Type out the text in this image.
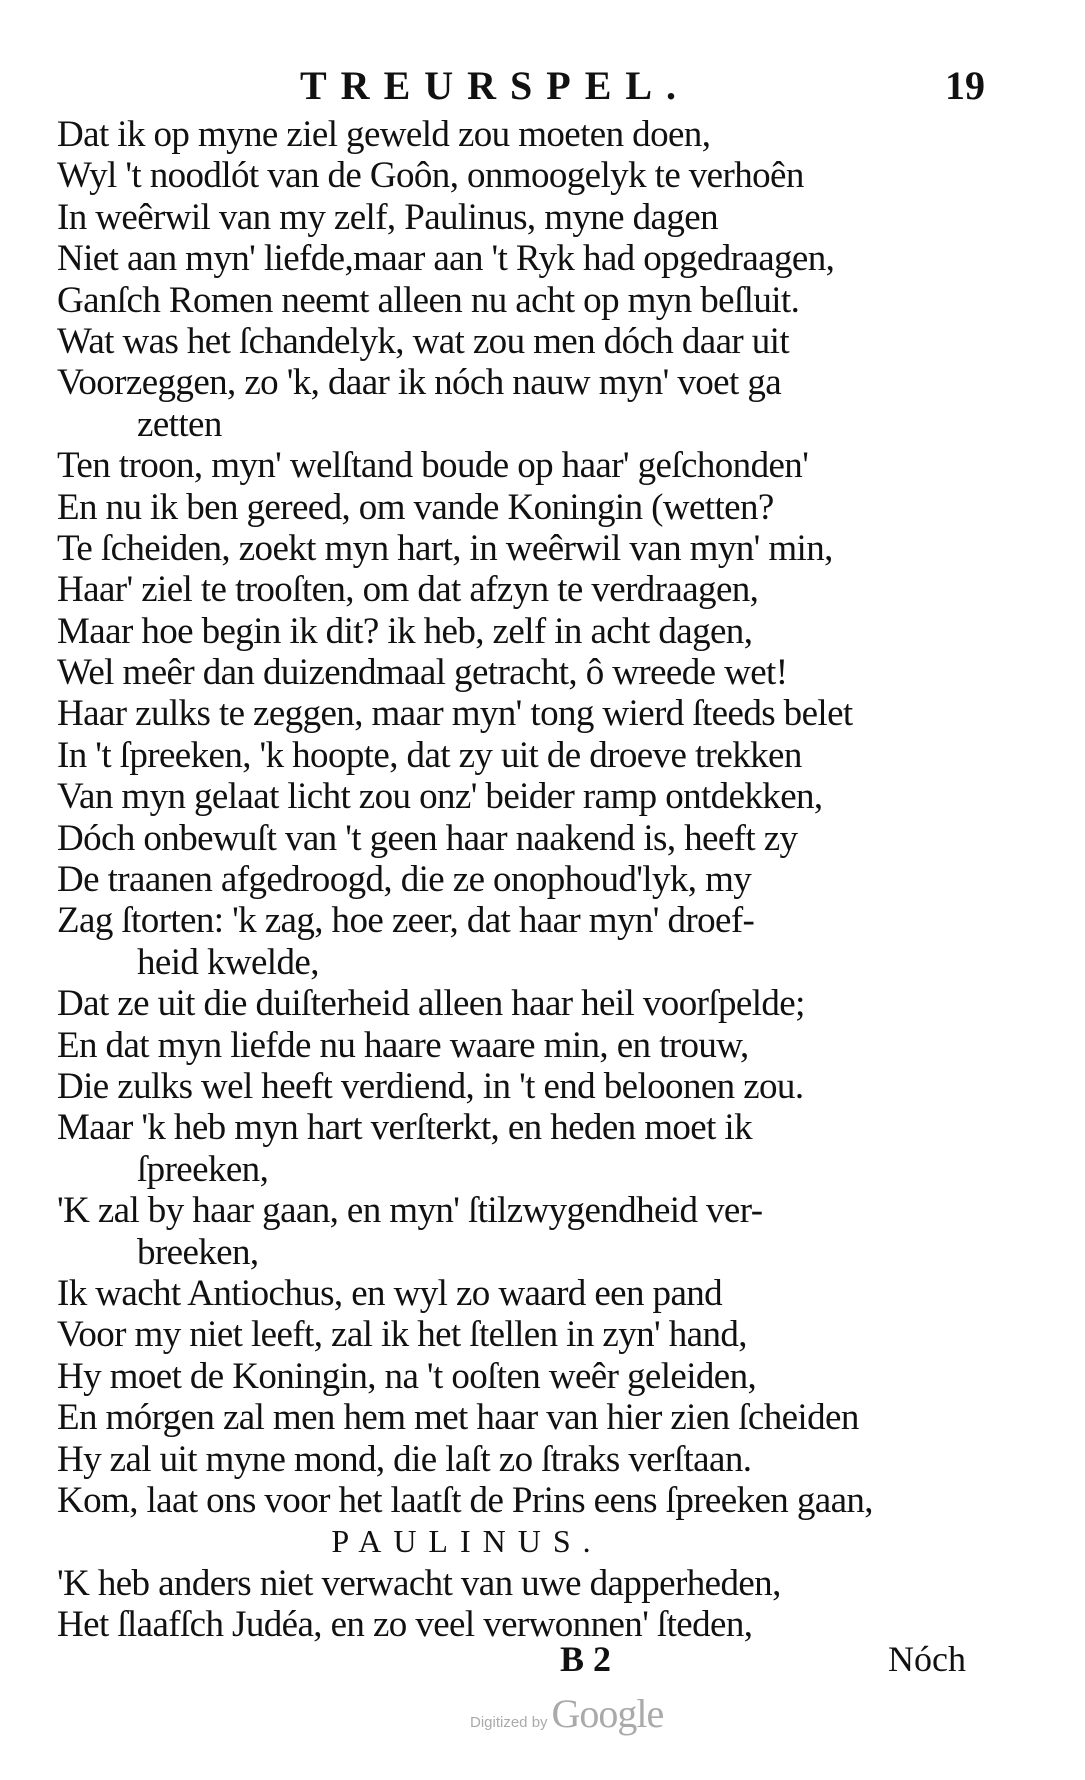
TREURSPEL.	19
Dat ik op myne ziel geweld zou moeten doen,
Wyl 't noodlót van de Goôn, onmoogelyk te verhoên
In weêrwil van my zelf, Paulinus, myne dagen
Niet aan myn' liefde,maar aan 't Ryk had opgedraagen,
Ganſch Romen neemt alleen nu acht op myn beſluit.
Wat was het ſchandelyk, wat zou men dóch daar uit
Voorzeggen, zo 'k, daar ik nóch nauw myn' voet ga
zetten
Ten troon, myn' welſtand boude op haar' geſchonden'
En nu ik ben gereed, om vande Koningin (wetten?
Te ſcheiden, zoekt myn hart, in weêrwil van myn' min,
Haar' ziel te trooſten, om dat afzyn te verdraagen,
Maar hoe begin ik dit? ik heb, zelf in acht dagen,
Wel meêr dan duizendmaal getracht, ô wreede wet!
Haar zulks te zeggen, maar myn' tong wierd ſteeds belet
In 't ſpreeken, 'k hoopte, dat zy uit de droeve trekken
Van myn gelaat licht zou onz' beider ramp ontdekken,
Dóch onbewuſt van 't geen haar naakend is, heeft zy
De traanen afgedroogd, die ze onophoud'lyk, my
Zag ſtorten: 'k zag, hoe zeer, dat haar myn' droef-
heid kwelde,
Dat ze uit die duiſterheid alleen haar heil voorſpelde;
En dat myn liefde nu haare waare min, en trouw,
Die zulks wel heeft verdiend, in 't end beloonen zou.
Maar 'k heb myn hart verſterkt, en heden moet ik
ſpreeken,
'K zal by haar gaan, en myn' ſtilzwygendheid ver-
breeken,
Ik wacht Antiochus, en wyl zo waard een pand
Voor my niet leeft, zal ik het ſtellen in zyn' hand,
Hy moet de Koningin, na 't ooſten weêr geleiden,
En mórgen zal men hem met haar van hier zien ſcheiden
Hy zal uit myne mond, die laſt zo ſtraks verſtaan.
Kom, laat ons voor het laatſt de Prins eens ſpreeken gaan,
PAULINUS.
'K heb anders niet verwacht van uwe dapperheden,
Het ſlaafſch Judéa, en zo veel verwonnen' ſteden,
B 2	Nóch
Digitized by Google
